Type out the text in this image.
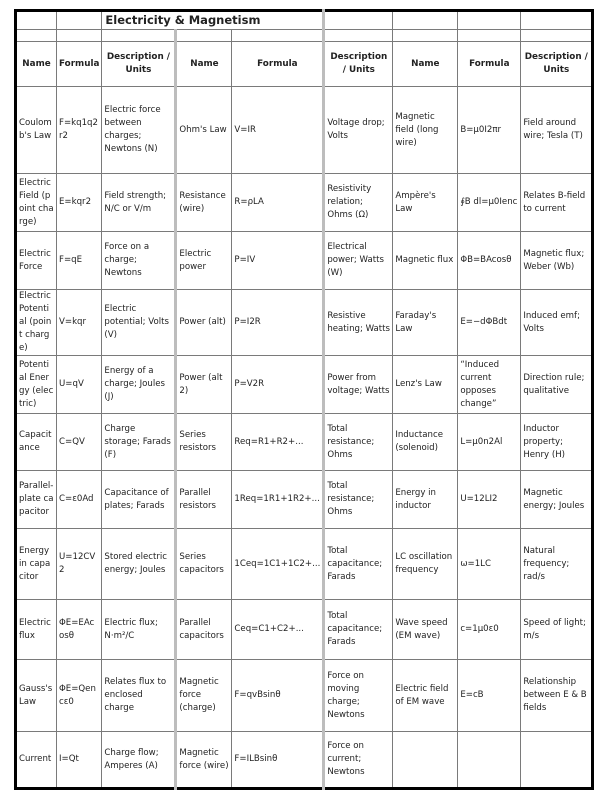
		Electricity & Magnetism						

Name	Formula	Description / Units	Name	Formula	Description / Units	Name	Formula	Description / Units
Coulomb's Law	F=kq1q2r2	Electric force between charges; Newtons (N)	Ohm's Law	V=IR	Voltage drop; Volts	Magnetic field (long wire)	B=μ0I2πr	Field around wire; Tesla (T)
Electric Field (point charge)	E=kqr2	Field strength; N/C or V/m	Resistance (wire)	R=ρLA	Resistivity relation; Ohms (Ω)	Ampère's Law	∮B dl=μ0Ienc	Relates B-field to current
Electric Force	F=qE	Force on a charge; Newtons	Electric power	P=IV	Electrical power; Watts (W)	Magnetic flux	ΦB=BAcosθ	Magnetic flux; Weber (Wb)
Electric Potential (point charge)	V=kqr	Electric potential; Volts (V)	Power (alt)	P=I2R	Resistive heating; Watts	Faraday's Law	E=−dΦBdt	Induced emf; Volts
Potential Energy (electric)	U=qV	Energy of a charge; Joules (J)	Power (alt 2)	P=V2R	Power from voltage; Watts	Lenz's Law	“Induced current opposes change”	Direction rule; qualitative
Capacitance	C=QV	Charge storage; Farads (F)	Series resistors	Req=R1+R2+...	Total resistance; Ohms	Inductance (solenoid)	L=μ0n2Al	Inductor property; Henry (H)
Parallel-plate capacitor	C=ε0Ad	Capacitance of plates; Farads	Parallel resistors	1Req=1R1+1R2+...	Total resistance; Ohms	Energy in inductor	U=12LI2	Magnetic energy; Joules
Energy in capacitor	U=12CV2	Stored electric energy; Joules	Series capacitors	1Ceq=1C1+1C2+...	Total capacitance; Farads	LC oscillation frequency	ω=1LC	Natural frequency; rad/s
Electric flux	ΦE=EAcosθ	Electric flux; N·m²/C	Parallel capacitors	Ceq=C1+C2+...	Total capacitance; Farads	Wave speed (EM wave)	c=1μ0ε0	Speed of light; m/s
Gauss's Law	ΦE=Qencε0	Relates flux to enclosed charge	Magnetic force (charge)	F=qvBsinθ	Force on moving charge; Newtons	Electric field of EM wave	E=cB	Relationship between E & B fields
Current	I=Qt	Charge flow; Amperes (A)	Magnetic force (wire)	F=ILBsinθ	Force on current; Newtons			
